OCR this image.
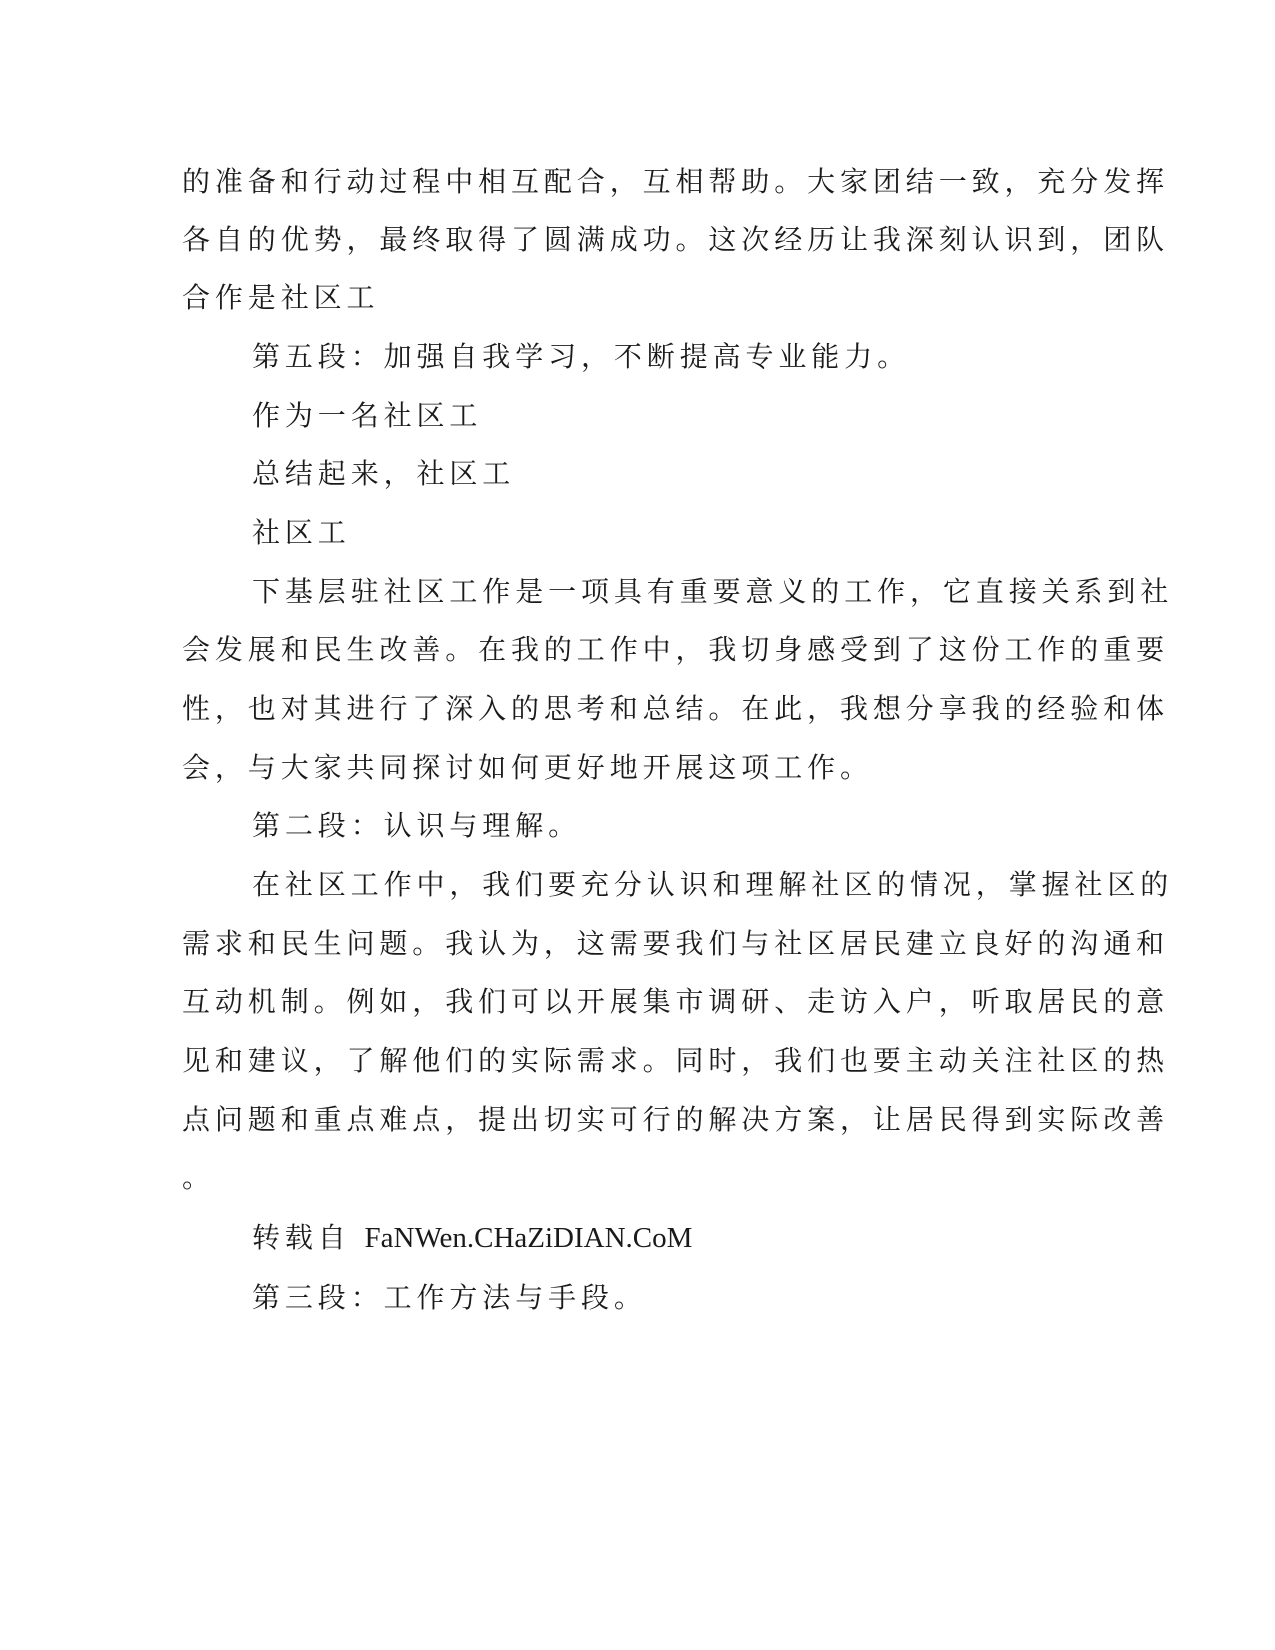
的准备和行动过程中相互配合，互相帮助。大家团结一致，充分发挥
各自的优势，最终取得了圆满成功。这次经历让我深刻认识到，团队
合作是社区工
第五段：加强自我学习，不断提高专业能力。
作为一名社区工
总结起来，社区工
社区工
下基层驻社区工作是一项具有重要意义的工作，它直接关系到社
会发展和民生改善。在我的工作中，我切身感受到了这份工作的重要
性，也对其进行了深入的思考和总结。在此，我想分享我的经验和体
会，与大家共同探讨如何更好地开展这项工作。
第二段：认识与理解。
在社区工作中，我们要充分认识和理解社区的情况，掌握社区的
需求和民生问题。我认为，这需要我们与社区居民建立良好的沟通和
互动机制。例如，我们可以开展集市调研、走访入户，听取居民的意
见和建议，了解他们的实际需求。同时，我们也要主动关注社区的热
点问题和重点难点，提出切实可行的解决方案，让居民得到实际改善
。
转载自 FaNWen.CHaZiDIAN.CoM
第三段：工作方法与手段。
